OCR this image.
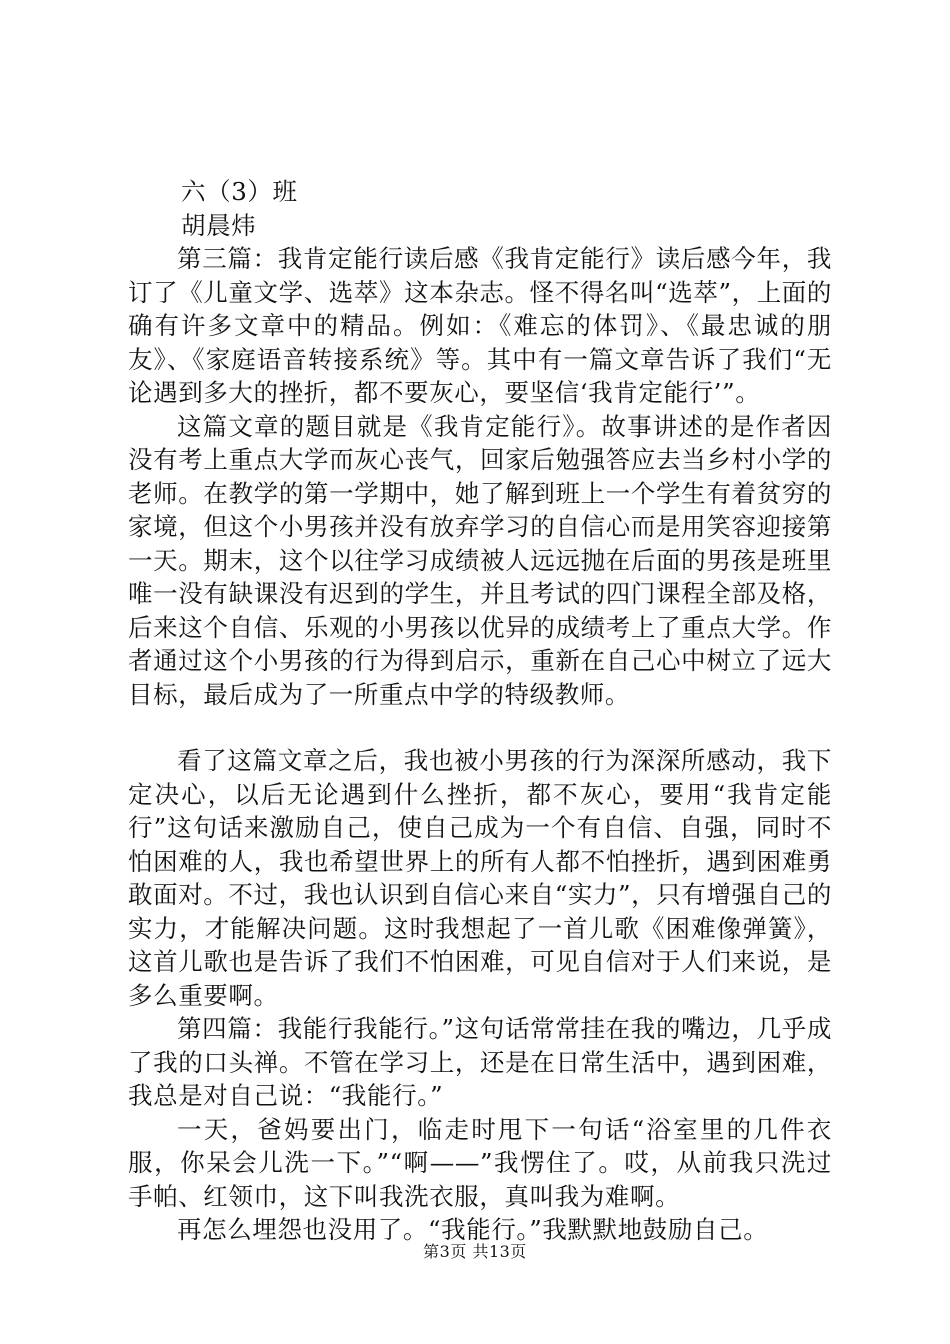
六（3）班

胡晨炜

第三篇：我肯定能行读后感《我肯定能行》读后感今年，我订了《儿童文学、选萃》这本杂志。怪不得名叫“选萃”，上面的确有许多文章中的精品。例如：《难忘的体罚》、《最忠诚的朋友》、《家庭语音转接系统》等。其中有一篇文章告诉了我们“无论遇到多大的挫折，都不要灰心，要坚信‘我肯定能行’”。

这篇文章的题目就是《我肯定能行》。故事讲述的是作者因没有考上重点大学而灰心丧气，回家后勉强答应去当乡村小学的老师。在教学的第一学期中，她了解到班上一个学生有着贫穷的家境，但这个小男孩并没有放弃学习的自信心而是用笑容迎接第一天。期末，这个以往学习成绩被人远远抛在后面的男孩是班里唯一没有缺课没有迟到的学生，并且考试的四门课程全部及格，后来这个自信、乐观的小男孩以优异的成绩考上了重点大学。作者通过这个小男孩的行为得到启示，重新在自己心中树立了远大目标，最后成为了一所重点中学的特级教师。

看了这篇文章之后，我也被小男孩的行为深深所感动，我下定决心，以后无论遇到什么挫折，都不灰心，要用“我肯定能行”这句话来激励自己，使自己成为一个有自信、自强，同时不怕困难的人，我也希望世界上的所有人都不怕挫折，遇到困难勇敢面对。不过，我也认识到自信心来自“实力”，只有增强自己的实力，才能解决问题。这时我想起了一首儿歌《困难像弹簧》，这首儿歌也是告诉了我们不怕困难，可见自信对于人们来说，是多么重要啊。

第四篇：我能行我能行。”这句话常常挂在我的嘴边，几乎成了我的口头禅。不管在学习上，还是在日常生活中，遇到困难，我总是对自己说：“我能行。”

一天，爸妈要出门，临走时甩下一句话“浴室里的几件衣服，你呆会儿洗一下。”“啊——”我愣住了。哎，从前我只洗过手帕、红领巾，这下叫我洗衣服，真叫我为难啊。

再怎么埋怨也没用了。“我能行。”我默默地鼓励自己。

第3页 共13页
